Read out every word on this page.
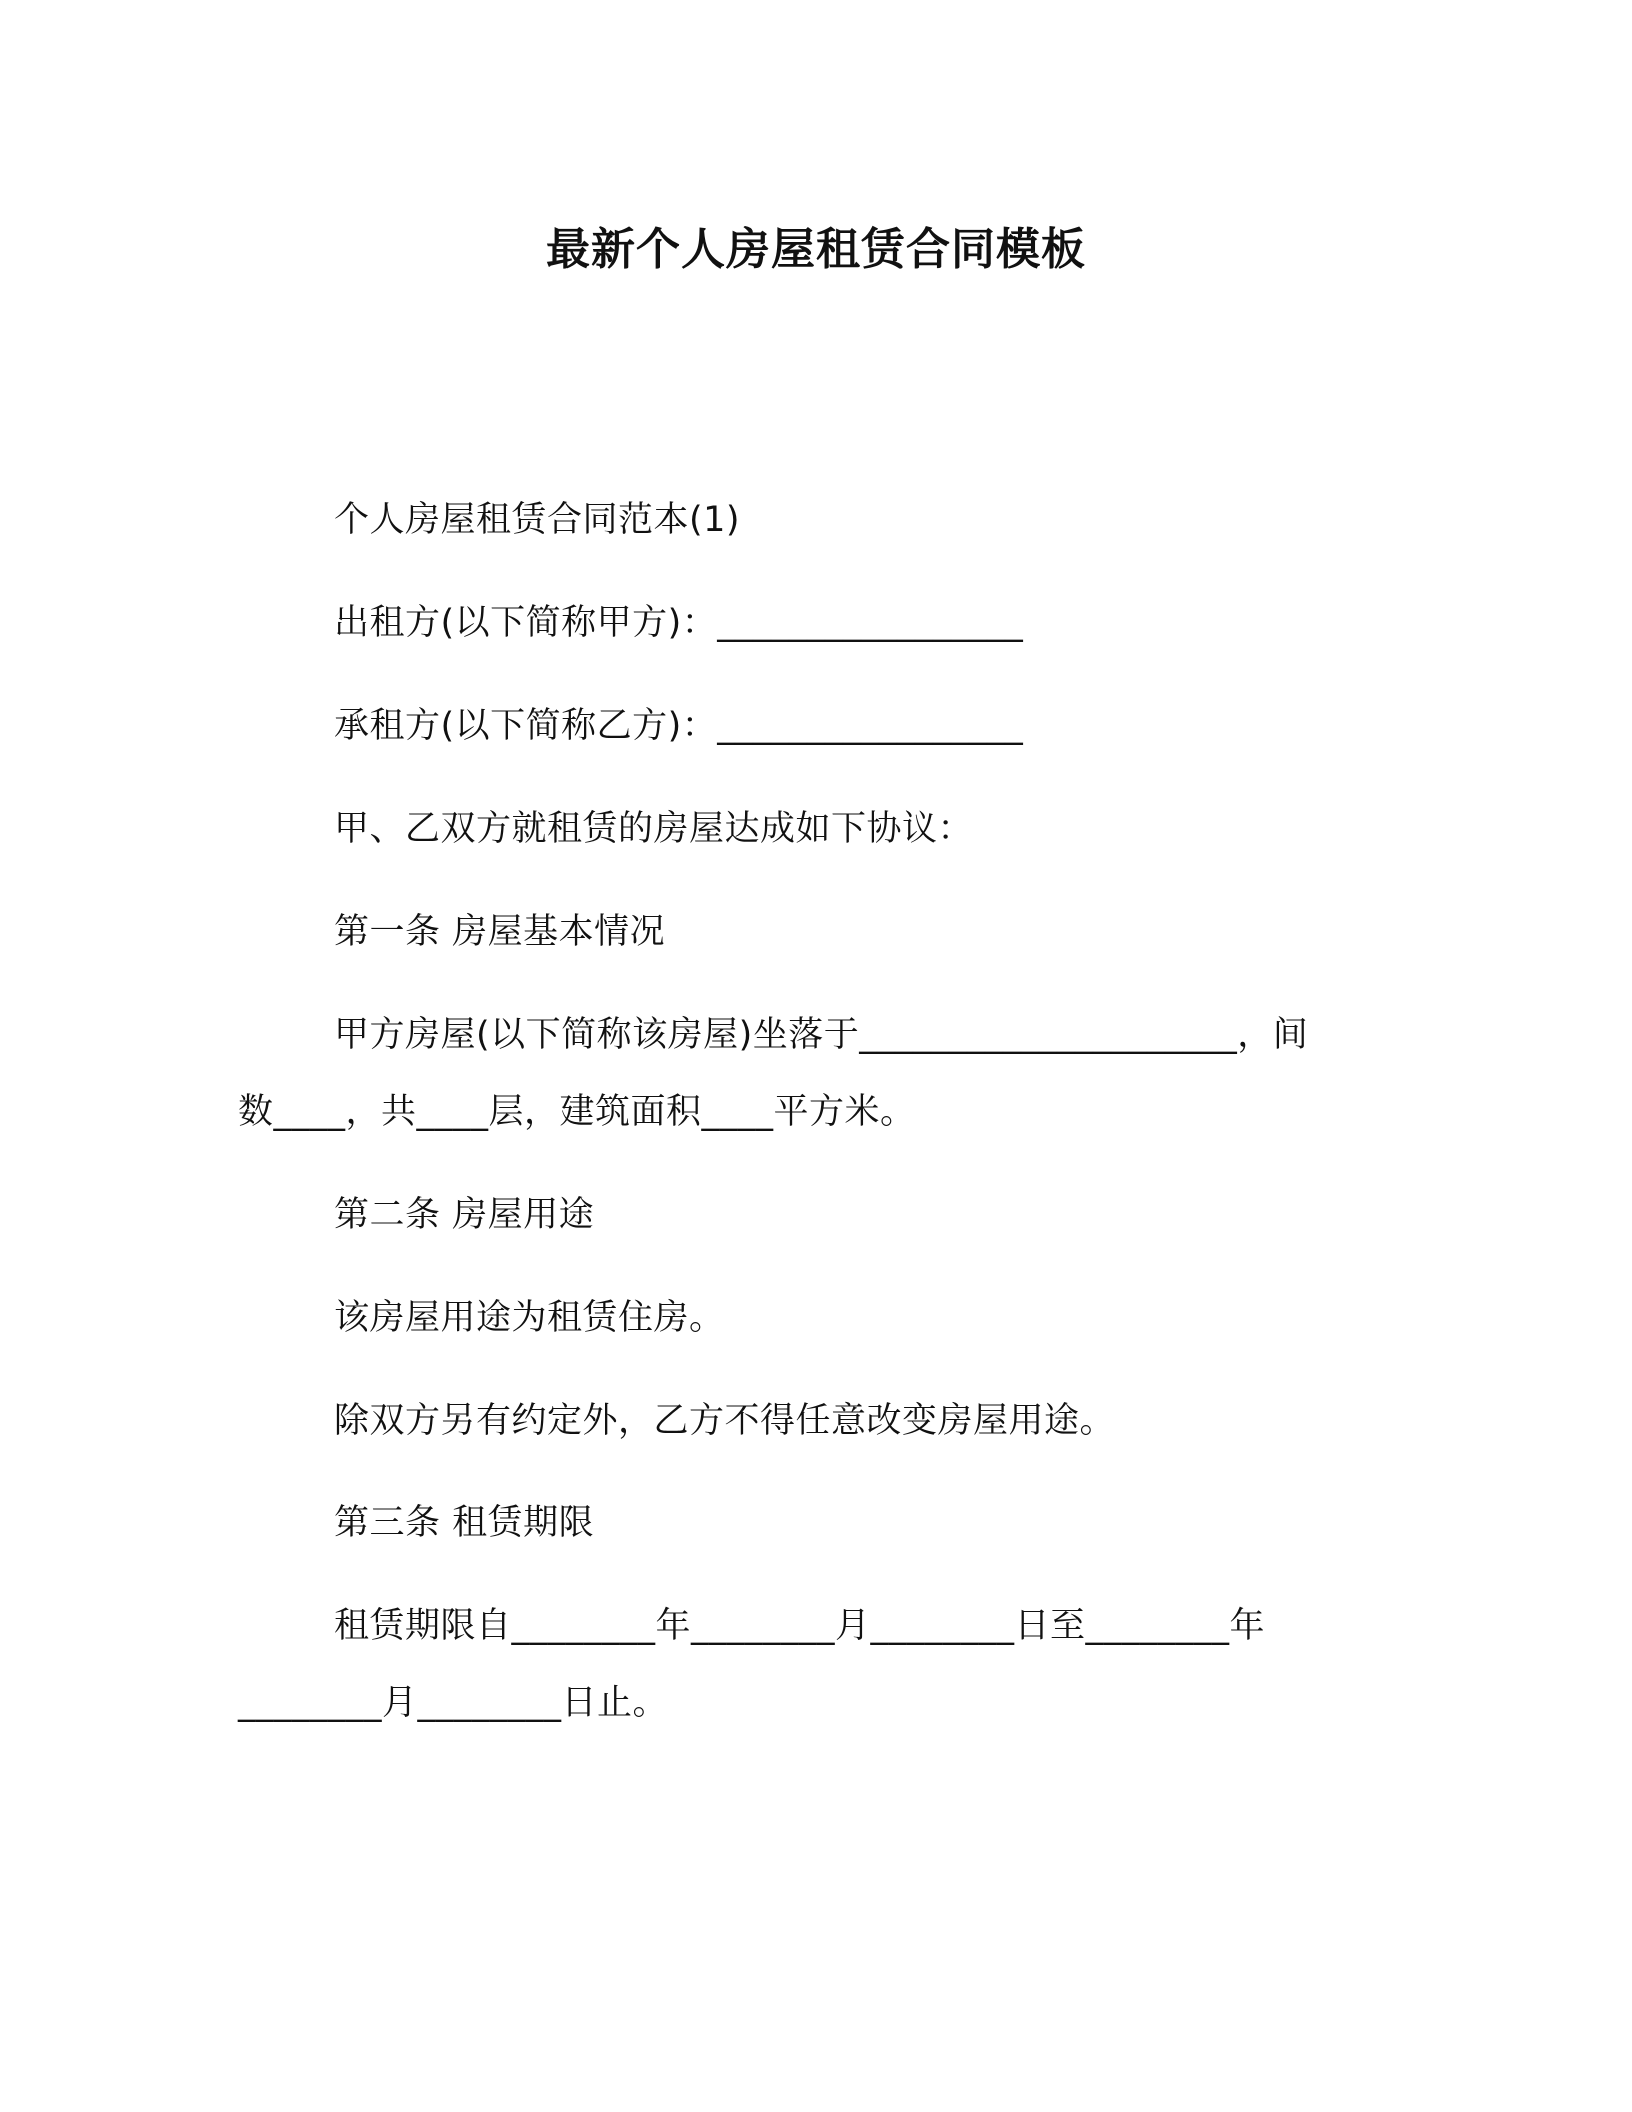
最新个人房屋租赁合同模板
个人房屋租赁合同范本(1)
出租方(以下简称甲方)：_________________
承租方(以下简称乙方)：_________________
甲、乙双方就租赁的房屋达成如下协议：
第一条 房屋基本情况
甲方房屋(以下简称该房屋)坐落于_____________________，间
数____，共____层，建筑面积____平方米。
第二条 房屋用途
该房屋用途为租赁住房。
除双方另有约定外，乙方不得任意改变房屋用途。
第三条 租赁期限
租赁期限自________年________月________日至________年
________月________日止。
